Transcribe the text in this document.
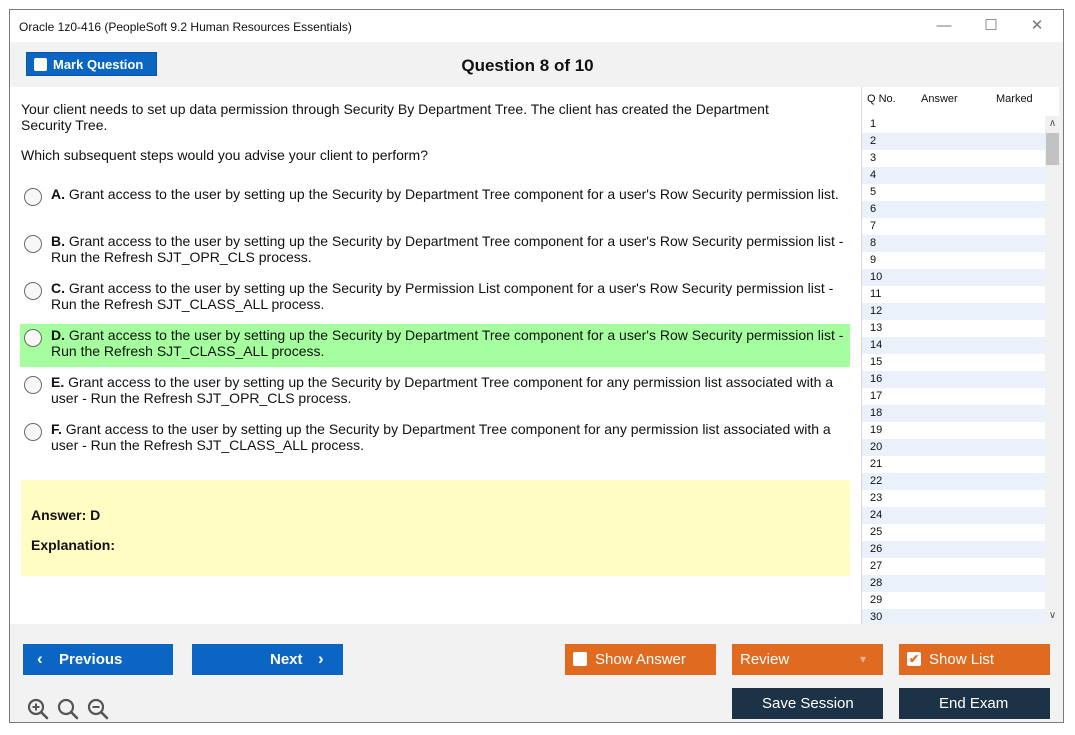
Oracle 1z0-416 (PeopleSoft 9.2 Human Resources Essentials)	—	☐	✕
Mark Question	Question 8 of 10
Your client needs to set up data permission through Security By Department Tree. The client has created the Department Security Tree.
Which subsequent steps would you advise your client to perform?
A. Grant access to the user by setting up the Security by Department Tree component for a user's Row Security permission list.
B. Grant access to the user by setting up the Security by Department Tree component for a user's Row Security permission list - Run the Refresh SJT_OPR_CLS process.
C. Grant access to the user by setting up the Security by Permission List component for a user's Row Security permission list - Run the Refresh SJT_CLASS_ALL process.
D. Grant access to the user by setting up the Security by Department Tree component for a user's Row Security permission list - Run the Refresh SJT_CLASS_ALL process.
E. Grant access to the user by setting up the Security by Department Tree component for any permission list associated with a user - Run the Refresh SJT_OPR_CLS process.
F. Grant access to the user by setting up the Security by Department Tree component for any permission list associated with a user - Run the Refresh SJT_CLASS_ALL process.
Answer: D
Explanation:
Q No. Answer	Marked
1
2
3
4
5
6
7
8
9
10
11
12
13
14
15
16
17
18
19
20
21
22
23
24
25
26
27
28
29
30
∧
∨
‹ Previous	Next ›	Show Answer	Review	▾	✔ Show List
Save Session	End Exam
